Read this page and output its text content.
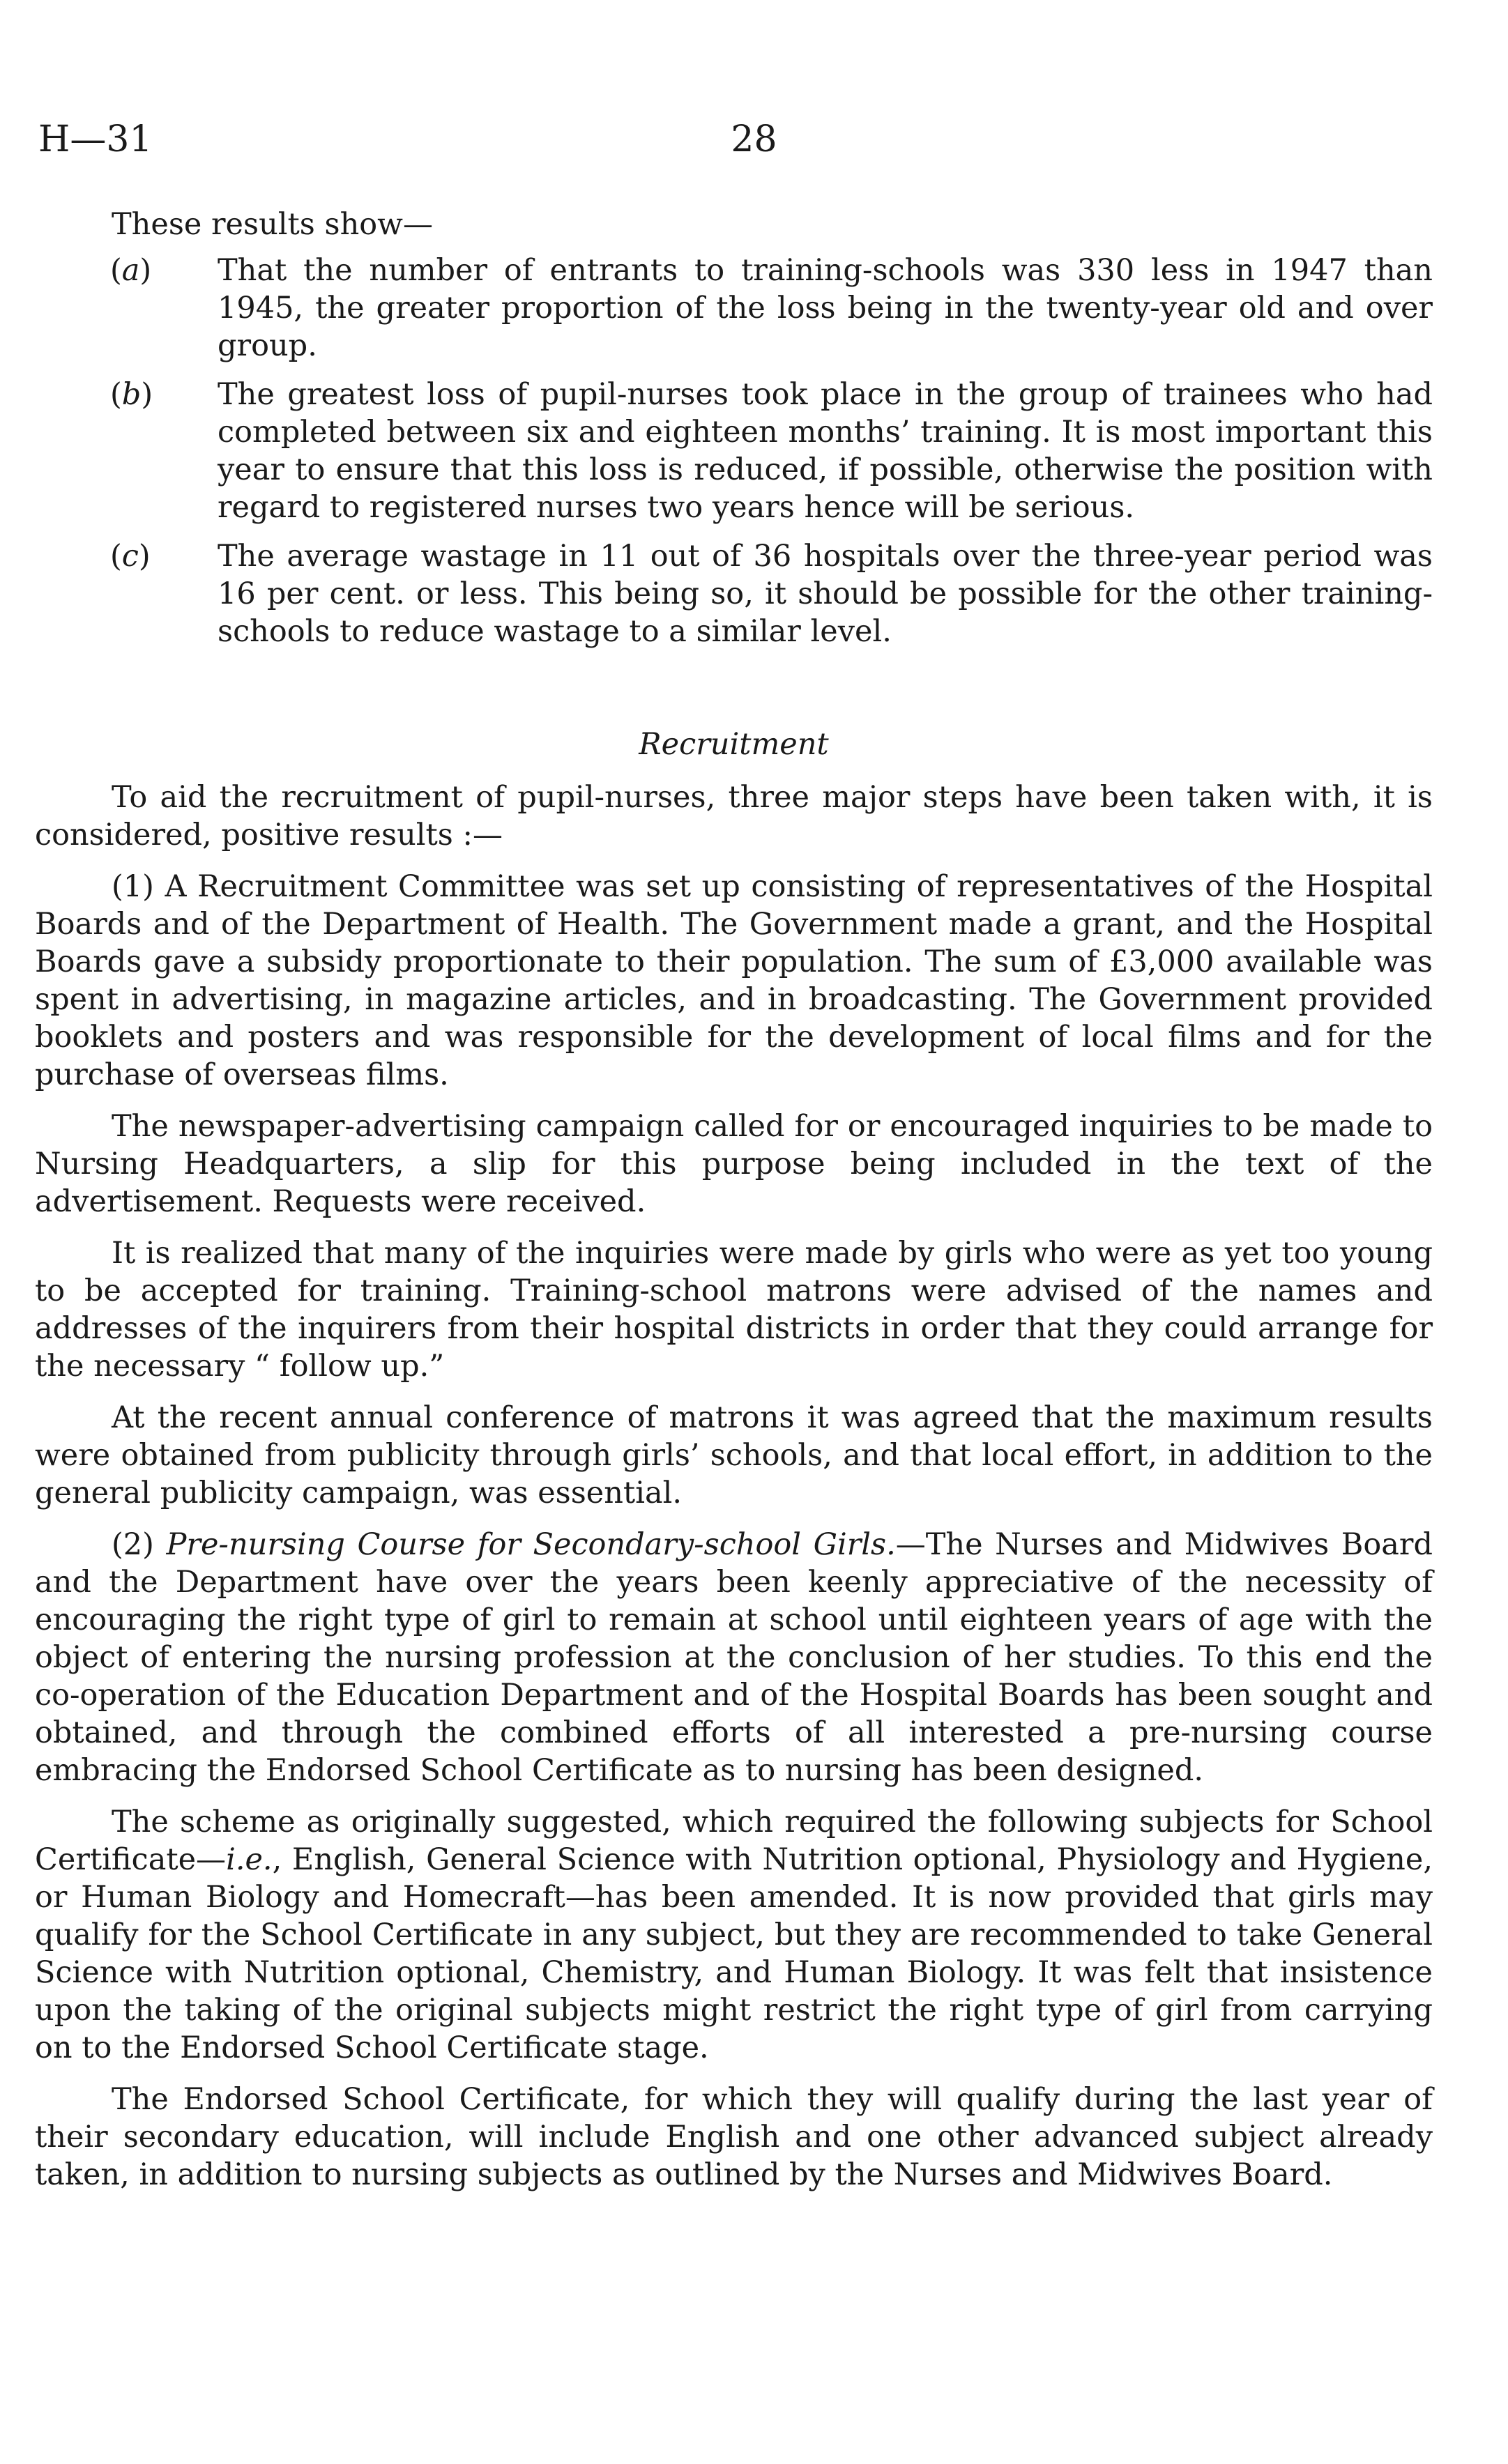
H—31	28

These results show—

(a) That the number of entrants to training-schools was 330 less in 1947 than 1945, the greater proportion of the loss being in the twenty-year old and over group.
(b) The greatest loss of pupil-nurses took place in the group of trainees who had completed between six and eighteen months’ training. It is most important this year to ensure that this loss is reduced, if possible, otherwise the position with regard to registered nurses two years hence will be serious.
(c) The average wastage in 11 out of 36 hospitals over the three-year period was 16 per cent. or less. This being so, it should be possible for the other training-schools to reduce wastage to a similar level.

Recruitment

To aid the recruitment of pupil-nurses, three major steps have been taken with, it is considered, positive results :—

(1) A Recruitment Committee was set up consisting of representatives of the Hospital Boards and of the Department of Health. The Government made a grant, and the Hospital Boards gave a subsidy proportionate to their population. The sum of £3,000 available was spent in advertising, in magazine articles, and in broadcasting. The Government provided booklets and posters and was responsible for the development of local films and for the purchase of overseas films.

The newspaper-advertising campaign called for or encouraged inquiries to be made to Nursing Headquarters, a slip for this purpose being included in the text of the advertisement. Requests were received.

It is realized that many of the inquiries were made by girls who were as yet too young to be accepted for training. Training-school matrons were advised of the names and addresses of the inquirers from their hospital districts in order that they could arrange for the necessary “ follow up.”

At the recent annual conference of matrons it was agreed that the maximum results were obtained from publicity through girls’ schools, and that local effort, in addition to the general publicity campaign, was essential.

(2) Pre-nursing Course for Secondary-school Girls.—The Nurses and Midwives Board and the Department have over the years been keenly appreciative of the necessity of encouraging the right type of girl to remain at school until eighteen years of age with the object of entering the nursing profession at the conclusion of her studies. To this end the co-operation of the Education Department and of the Hospital Boards has been sought and obtained, and through the combined efforts of all interested a pre-nursing course embracing the Endorsed School Certificate as to nursing has been designed.

The scheme as originally suggested, which required the following subjects for School Certificate—i.e., English, General Science with Nutrition optional, Physiology and Hygiene, or Human Biology and Homecraft—has been amended. It is now provided that girls may qualify for the School Certificate in any subject, but they are recommended to take General Science with Nutrition optional, Chemistry, and Human Biology. It was felt that insistence upon the taking of the original subjects might restrict the right type of girl from carrying on to the Endorsed School Certificate stage.

The Endorsed School Certificate, for which they will qualify during the last year of their secondary education, will include English and one other advanced subject already taken, in addition to nursing subjects as outlined by the Nurses and Midwives Board.
